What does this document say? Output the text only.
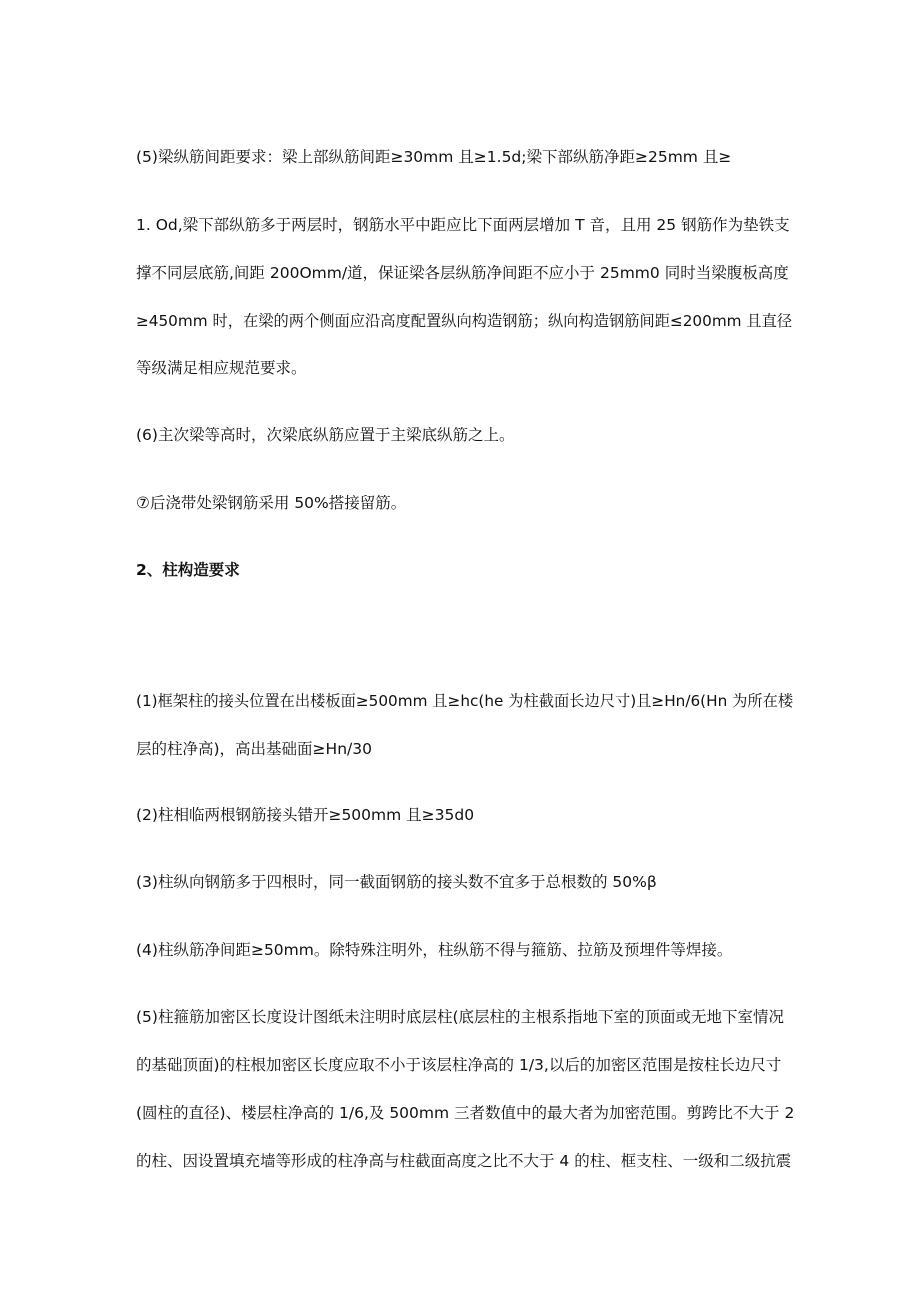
(5)梁纵筋间距要求：梁上部纵筋间距≥30mm 且≥1.5d;梁下部纵筋净距≥25mm 且≥
1. Od,梁下部纵筋多于两层时，钢筋水平中距应比下面两层增加 T 音，且用 25 钢筋作为垫铁支
撑不同层底筋,间距 200Omm/道，保证梁各层纵筋净间距不应小于 25mm0 同时当梁腹板高度
≥450mm 时，在梁的两个侧面应沿高度配置纵向构造钢筋；纵向构造钢筋间距≤200mm 且直径
等级满足相应规范要求。
(6)主次梁等高时，次梁底纵筋应置于主梁底纵筋之上。
⑦后浇带处梁钢筋采用 50%搭接留筋。
2、柱构造要求
(1)框架柱的接头位置在出楼板面≥500mm 且≥hc(he 为柱截面长边尺寸)且≥Hn∕6(Hn 为所在楼
层的柱净高)，高出基础面≥Hn∕30
(2)柱相临两根钢筋接头错开≥500mm 且≥35d0
(3)柱纵向钢筋多于四根时，同一截面钢筋的接头数不宜多于总根数的 50%β
(4)柱纵筋净间距≥50mm。除特殊注明外，柱纵筋不得与箍筋、拉筋及预埋件等焊接。
(5)柱箍筋加密区长度设计图纸未注明时底层柱(底层柱的主根系指地下室的顶面或无地下室情况
的基础顶面)的柱根加密区长度应取不小于该层柱净高的 1/3,以后的加密区范围是按柱长边尺寸
(圆柱的直径)、楼层柱净高的 1/6,及 500mm 三者数值中的最大者为加密范围。剪跨比不大于 2
的柱、因设置填充墙等形成的柱净高与柱截面高度之比不大于 4 的柱、框支柱、一级和二级抗震
